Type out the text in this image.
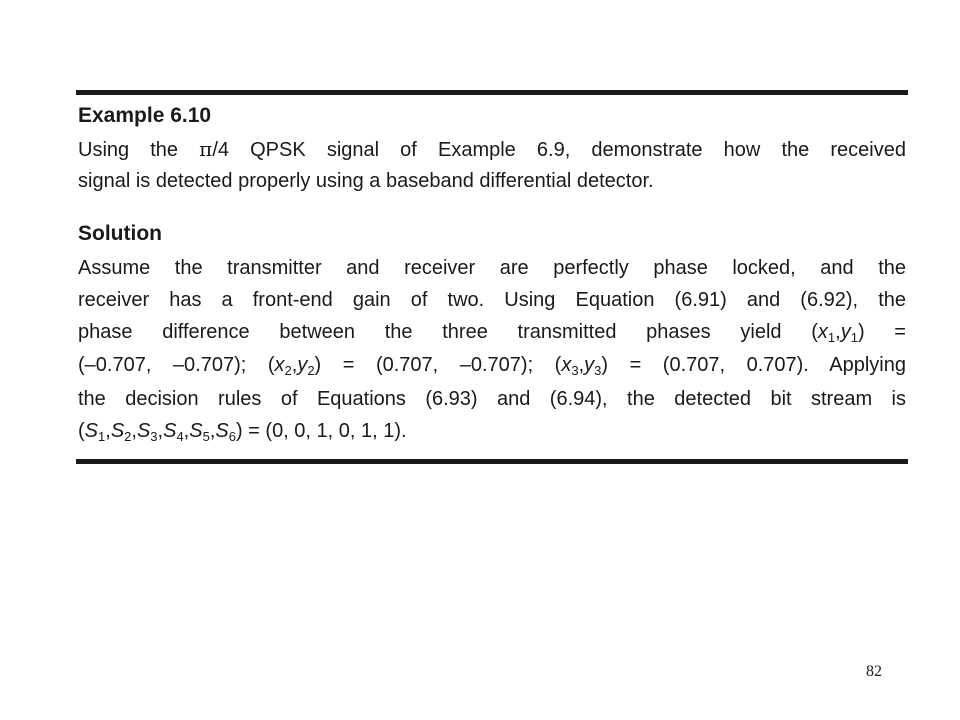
Example 6.10
Using the π/4 QPSK signal of Example 6.9, demonstrate how the received
signal is detected properly using a baseband differential detector.
Solution
Assume the transmitter and receiver are perfectly phase locked, and the
receiver has a front-end gain of two. Using Equation (6.91) and (6.92), the
phase difference between the three transmitted phases yield $(x_1,y_1)$ =
(–0.707, –0.707); $(x_2,y_2) = (0.707$, –0.707); $(x_3,y_3) = (0.707$, 0.707). Applying
the decision rules of Equations (6.93) and (6.94), the detected bit stream is
$(S_1,S_2,S_3,S_4,S_5,S_6) = (0$, 0, 1, 0, 1, 1).
82
